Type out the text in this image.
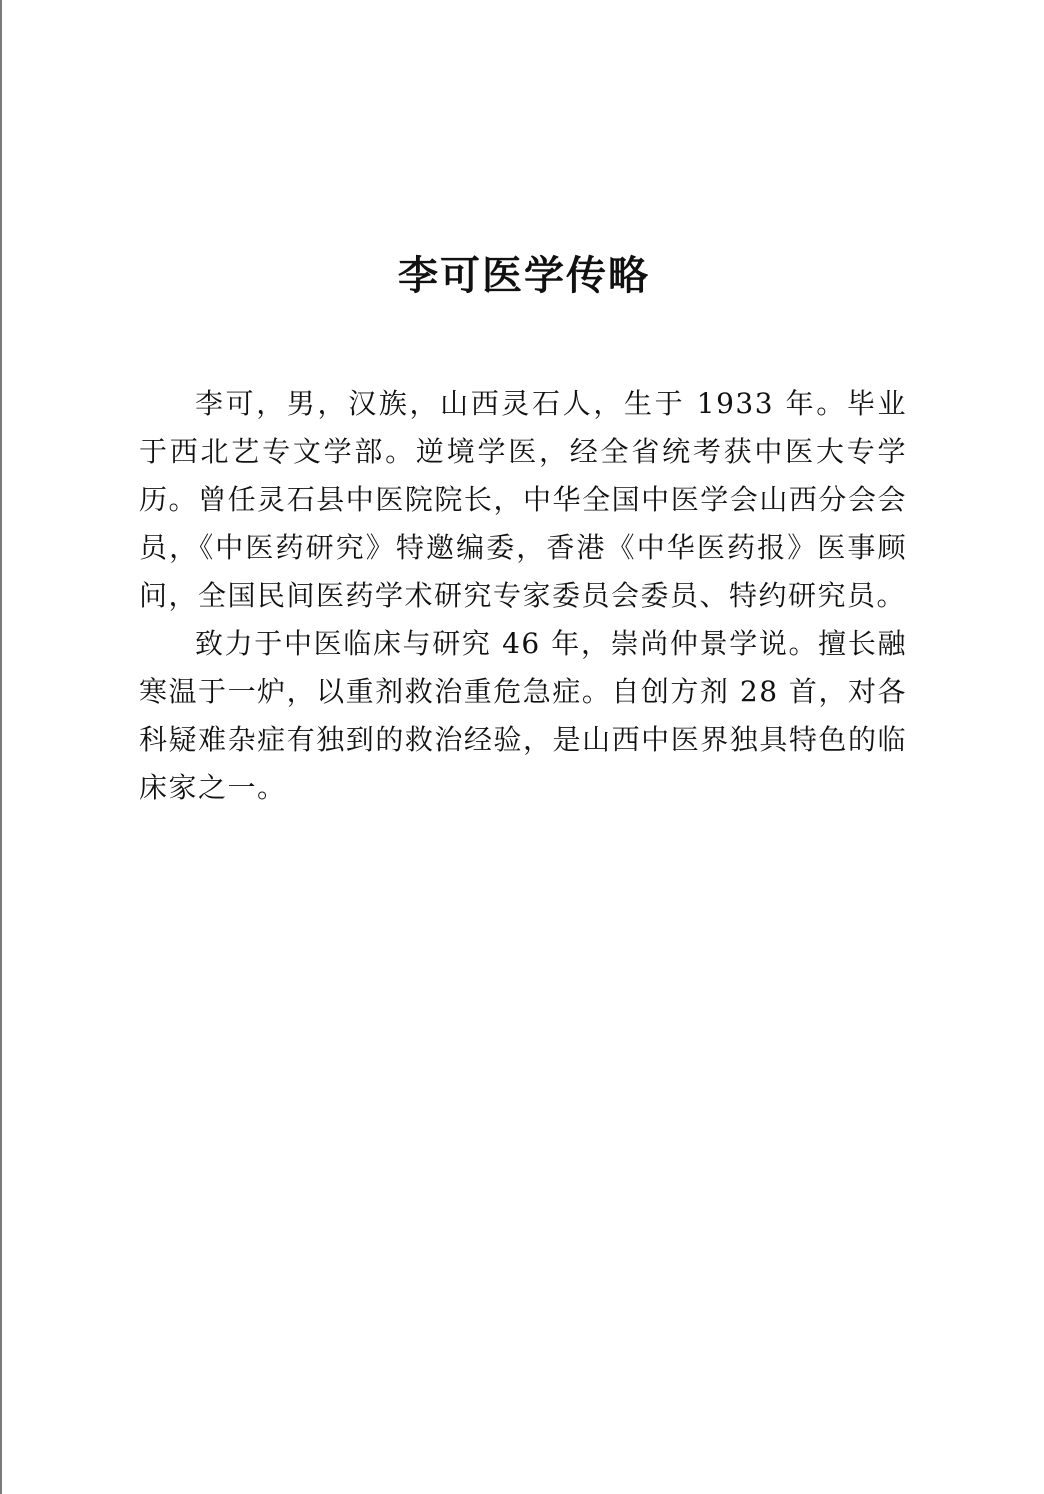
李可医学传略

李可，男，汉族，山西灵石人，生于 1933 年。毕业于西北艺专文学部。逆境学医，经全省统考获中医大专学历。曾任灵石县中医院院长，中华全国中医学会山西分会会员，《中医药研究》特邀编委，香港《中华医药报》医事顾问，全国民间医药学术研究专家委员会委员、特约研究员。

致力于中医临床与研究 46 年，崇尚仲景学说。擅长融寒温于一炉，以重剂救治重危急症。自创方剂 28 首，对各科疑难杂症有独到的救治经验，是山西中医界独具特色的临床家之一。
